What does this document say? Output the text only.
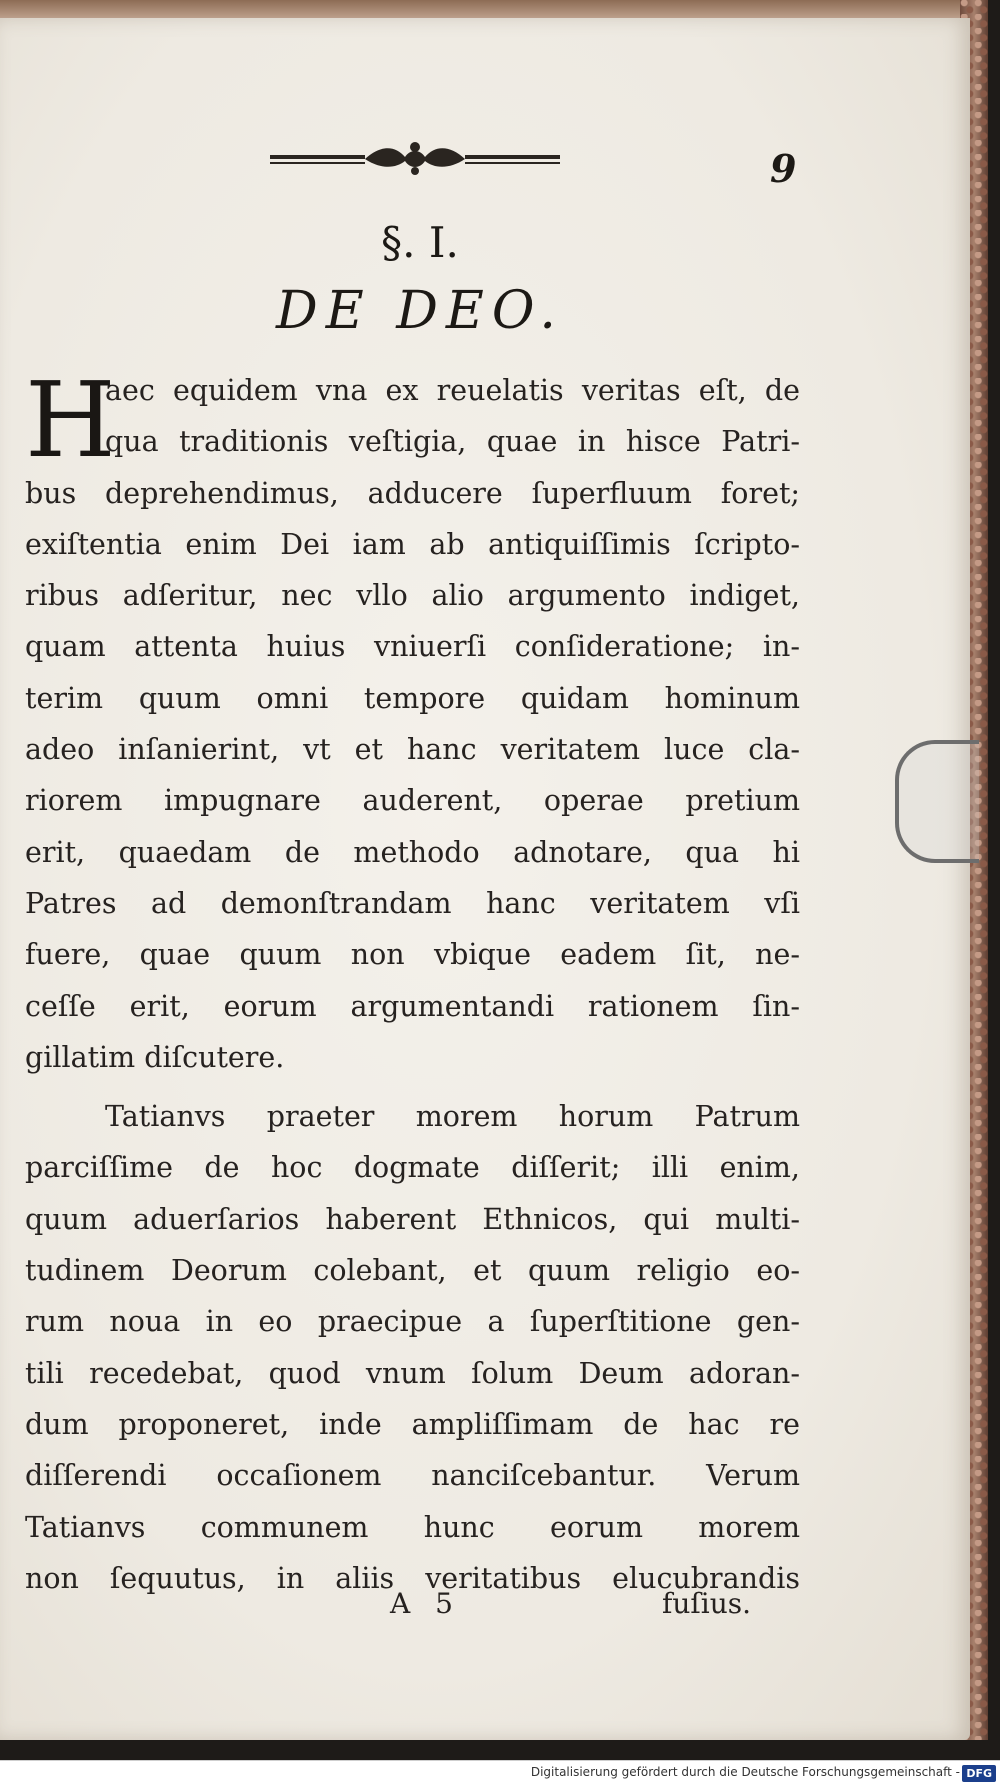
9
§. I.
DE DEO.
H
aec equidem vna ex reuelatis veritas eſt, de
qua traditionis veſtigia, quae in hisce Patri-
bus deprehendimus, adducere ſuperfluum foret;
exiſtentia enim Dei iam ab antiquiſſimis ſcripto-
ribus adſeritur, nec vllo alio argumento indiget,
quam attenta huius vniuerſi conſideratione; in-
terim quum omni tempore quidam hominum
adeo inſanierint, vt et hanc veritatem luce cla-
riorem impugnare auderent, operae pretium
erit, quaedam de methodo adnotare, qua hi
Patres ad demonſtrandam hanc veritatem vſi
fuere, quae quum non vbique eadem ſit, ne-
ceſſe erit, eorum argumentandi rationem ſin-
gillatim diſcutere.
Tatianvs praeter morem horum Patrum
parciſſime de hoc dogmate diſſerit; illi enim,
quum aduerſarios haberent Ethnicos, qui multi-
tudinem Deorum colebant, et quum religio eo-
rum noua in eo praecipue a ſuperſtitione gen-
tili recedebat, quod vnum ſolum Deum adoran-
dum proponeret, inde ampliſſimam de hac re
diſſerendi occaſionem nanciſcebantur. Verum
Tatianvs communem hunc eorum morem
non ſequutus, in aliis veritatibus elucubrandis
A 5	fuſius.
Digitalisierung gefördert durch die Deutsche Forschungsgemeinschaft - DFG
